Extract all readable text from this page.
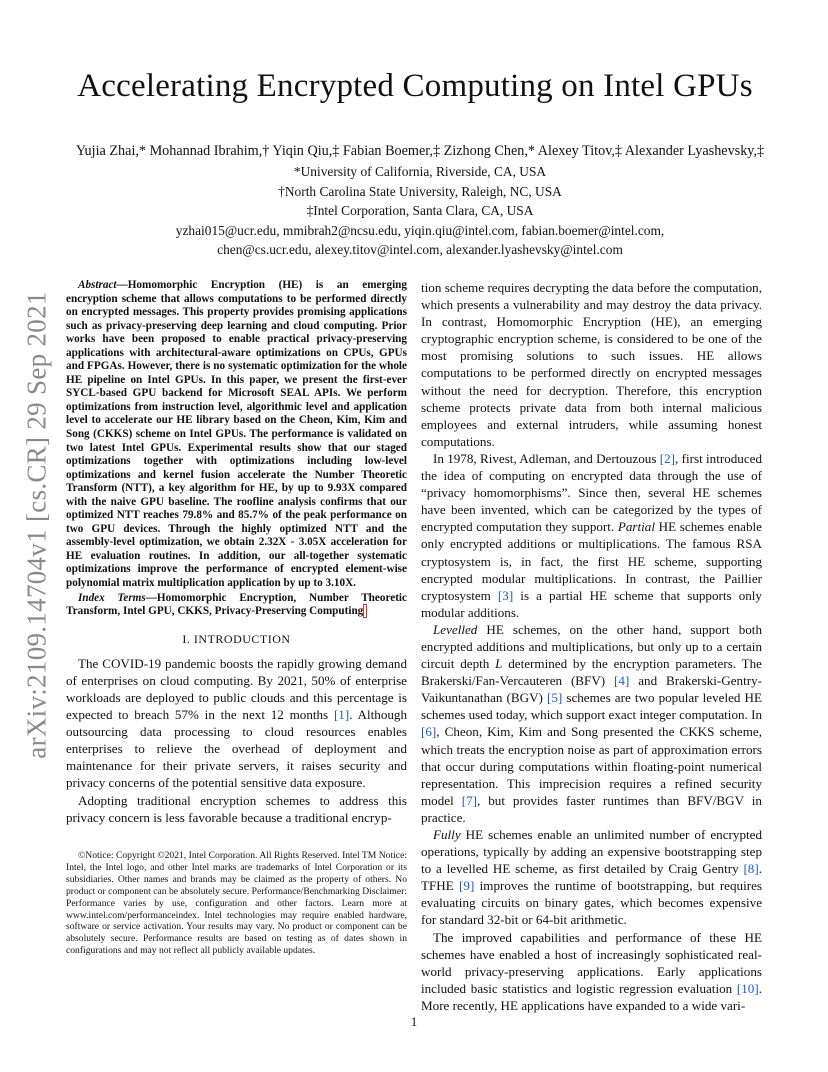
arXiv:2109.14704v1 [cs.CR] 29 Sep 2021
Accelerating Encrypted Computing on Intel GPUs
Yujia Zhai,* Mohannad Ibrahim,† Yiqin Qiu,‡ Fabian Boemer,‡ Zizhong Chen,* Alexey Titov,‡ Alexander Lyashevsky,‡
*University of California, Riverside, CA, USA
†North Carolina State University, Raleigh, NC, USA
‡Intel Corporation, Santa Clara, CA, USA
yzhai015@ucr.edu, mmibrah2@ncsu.edu, yiqin.qiu@intel.com, fabian.boemer@intel.com,
chen@cs.ucr.edu, alexey.titov@intel.com, alexander.lyashevsky@intel.com

Abstract—Homomorphic Encryption (HE) is an emerging encryption scheme that allows computations to be performed directly on encrypted messages. This property provides promising applications such as privacy-preserving deep learning and cloud computing. Prior works have been proposed to enable practical privacy-preserving applications with architectural-aware optimizations on CPUs, GPUs and FPGAs. However, there is no systematic optimization for the whole HE pipeline on Intel GPUs. In this paper, we present the first-ever SYCL-based GPU backend for Microsoft SEAL APIs. We perform optimizations from instruction level, algorithmic level and application level to accelerate our HE library based on the Cheon, Kim, Kim and Song (CKKS) scheme on Intel GPUs. The performance is validated on two latest Intel GPUs. Experimental results show that our staged optimizations together with optimizations including low-level optimizations and kernel fusion accelerate the Number Theoretic Transform (NTT), a key algorithm for HE, by up to 9.93X compared with the naive GPU baseline. The roofline analysis confirms that our optimized NTT reaches 79.8% and 85.7% of the peak performance on two GPU devices. Through the highly optimized NTT and the assembly-level optimization, we obtain 2.32X - 3.05X acceleration for HE evaluation routines. In addition, our all-together systematic optimizations improve the performance of encrypted element-wise polynomial matrix multiplication application by up to 3.10X.

Index Terms—Homomorphic Encryption, Number Theoretic Transform, Intel GPU, CKKS, Privacy-Preserving Computing

I. INTRODUCTION

The COVID-19 pandemic boosts the rapidly growing demand of enterprises on cloud computing. By 2021, 50% of enterprise workloads are deployed to public clouds and this percentage is expected to breach 57% in the next 12 months [1]. Although outsourcing data processing to cloud resources enables enterprises to relieve the overhead of deployment and maintenance for their private servers, it raises security and privacy concerns of the potential sensitive data exposure.

Adopting traditional encryption schemes to address this privacy concern is less favorable because a traditional encryp-

©Notice: Copyright ©2021, Intel Corporation. All Rights Reserved. Intel TM Notice: Intel, the Intel logo, and other Intel marks are trademarks of Intel Corporation or its subsidiaries. Other names and brands may be claimed as the property of others. No product or component can be absolutely secure. Performance/Benchmarking Disclaimer: Performance varies by use, configuration and other factors. Learn more at www.intel.com/performanceindex. Intel technologies may require enabled hardware, software or service activation. Your results may vary. No product or component can be absolutely secure. Performance results are based on testing as of dates shown in configurations and may not reflect all publicly available updates.

tion scheme requires decrypting the data before the computation, which presents a vulnerability and may destroy the data privacy. In contrast, Homomorphic Encryption (HE), an emerging cryptographic encryption scheme, is considered to be one of the most promising solutions to such issues. HE allows computations to be performed directly on encrypted messages without the need for decryption. Therefore, this encryption scheme protects private data from both internal malicious employees and external intruders, while assuming honest computations.

In 1978, Rivest, Adleman, and Dertouzous [2], first introduced the idea of computing on encrypted data through the use of “privacy homomorphisms”. Since then, several HE schemes have been invented, which can be categorized by the types of encrypted computation they support. Partial HE schemes enable only encrypted additions or multiplications. The famous RSA cryptosystem is, in fact, the first HE scheme, supporting encrypted modular multiplications. In contrast, the Paillier cryptosystem [3] is a partial HE scheme that supports only modular additions.

Levelled HE schemes, on the other hand, support both encrypted additions and multiplications, but only up to a certain circuit depth L determined by the encryption parameters. The Brakerski/Fan-Vercauteren (BFV) [4] and Brakerski-Gentry-Vaikuntanathan (BGV) [5] schemes are two popular leveled HE schemes used today, which support exact integer computation. In [6], Cheon, Kim, Kim and Song presented the CKKS scheme, which treats the encryption noise as part of approximation errors that occur during computations within floating-point numerical representation. This imprecision requires a refined security model [7], but provides faster runtimes than BFV/BGV in practice.

Fully HE schemes enable an unlimited number of encrypted operations, typically by adding an expensive bootstrapping step to a levelled HE scheme, as first detailed by Craig Gentry [8]. TFHE [9] improves the runtime of bootstrapping, but requires evaluating circuits on binary gates, which becomes expensive for standard 32-bit or 64-bit arithmetic.

The improved capabilities and performance of these HE schemes have enabled a host of increasingly sophisticated real-world privacy-preserving applications. Early applications included basic statistics and logistic regression evaluation [10]. More recently, HE applications have expanded to a wide vari-

1
